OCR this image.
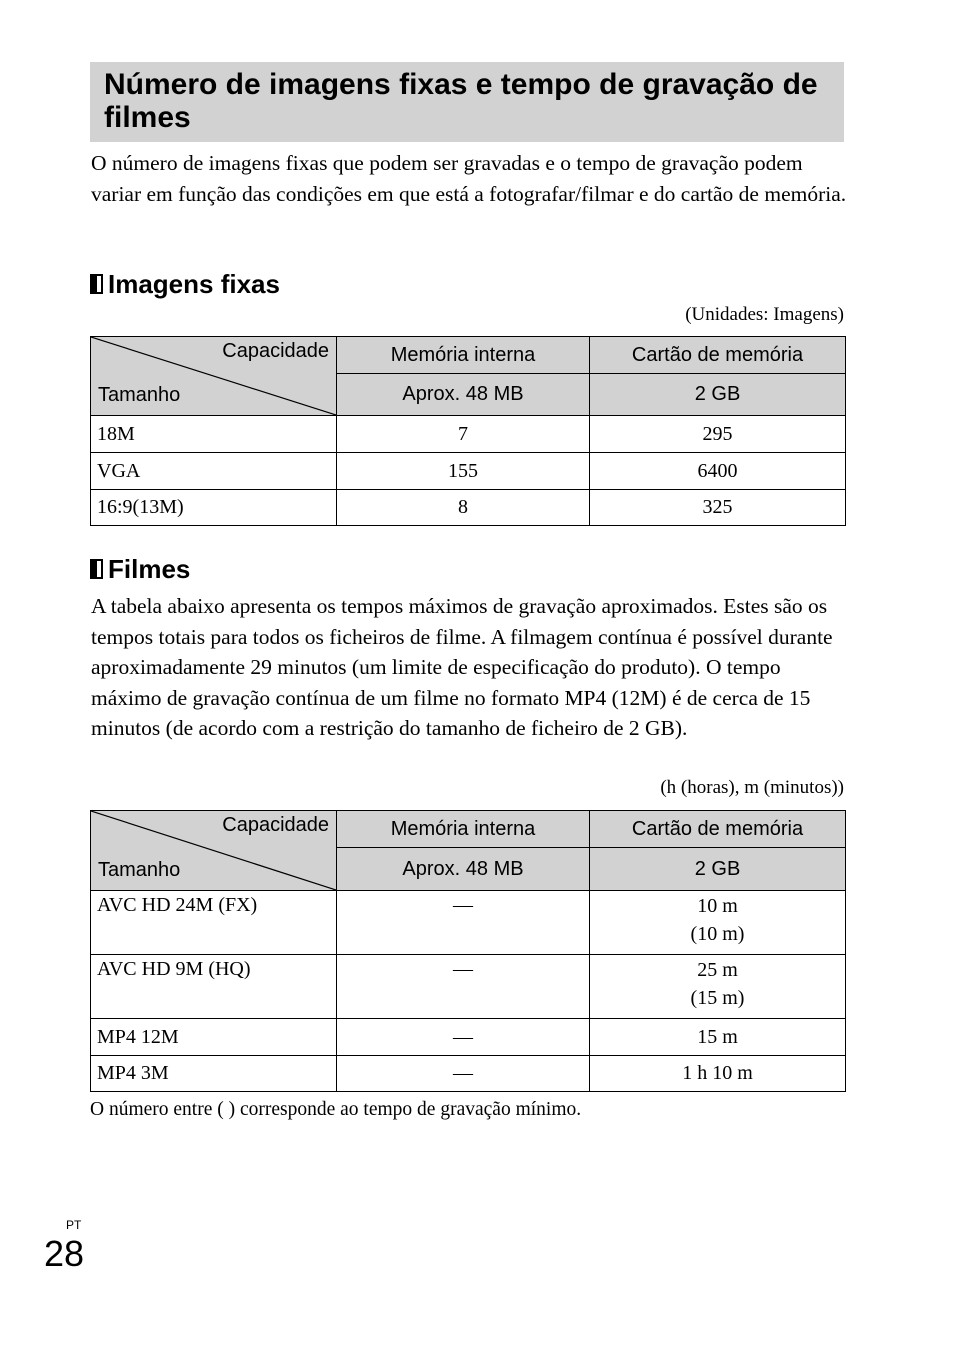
Número de imagens fixas e tempo de gravação de filmes

O número de imagens fixas que podem ser gravadas e o tempo de gravação podem variar em função das condições em que está a fotografar/filmar e do cartão de memória.

Imagens fixas
(Unidades: Imagens)
Capacidade
Tamanho	Memória interna	Cartão de memória
	Aprox. 48 MB	2 GB
18M	7	295
VGA	155	6400
16:9(13M)	8	325
Filmes

A tabela abaixo apresenta os tempos máximos de gravação aproximados. Estes são os tempos totais para todos os ficheiros de filme. A filmagem contínua é possível durante aproximadamente 29 minutos (um limite de especificação do produto). O tempo máximo de gravação contínua de um filme no formato MP4 (12M) é de cerca de 15 minutos (de acordo com a restrição do tamanho de ficheiro de 2 GB).

(h (horas), m (minutos))
Capacidade
Tamanho	Memória interna	Cartão de memória
	Aprox. 48 MB	2 GB
AVC HD 24M (FX)	—	10 m
(10 m)

AVC HD 9M (HQ)	—	25 m
(15 m)

MP4 12M	—	15 m
MP4 3M	—	1 h 10 m
O número entre ( ) corresponde ao tempo de gravação mínimo.
PT
28
